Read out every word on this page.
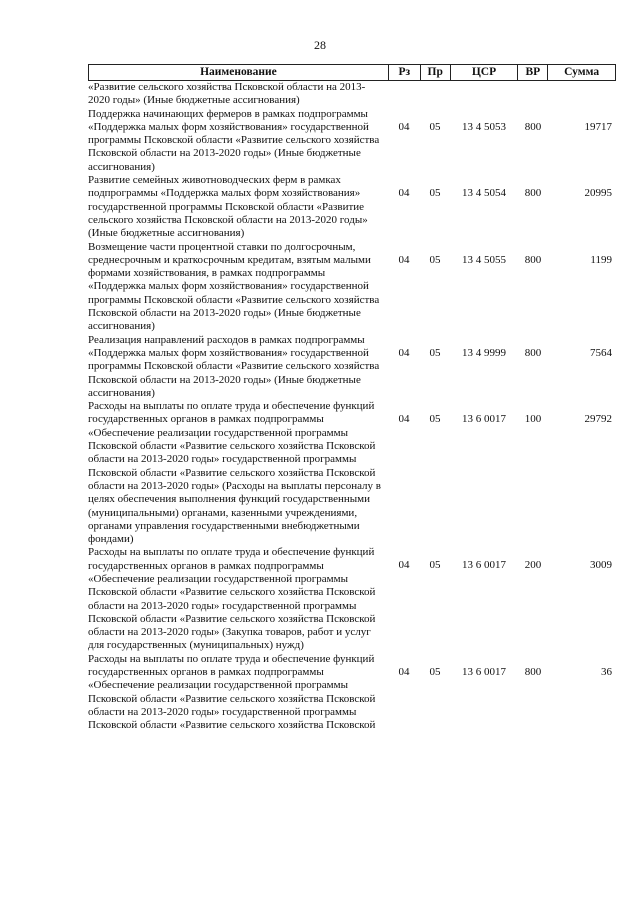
28
Наименование	Рз	Пр	ЦСР	ВР	Сумма
«Развитие сельского хозяйства Псковской области на 2013-2020 годы» (Иные бюджетные ассигнования)
Поддержка начинающих фермеров в рамках подпрограммы «Поддержка малых форм хозяйствования» государственной программы Псковской области «Развитие сельского хозяйства Псковской области на 2013-2020 годы» (Иные бюджетные ассигнования)
04	05	13 4 5053	800	19717
Развитие семейных животноводческих ферм в рамках подпрограммы «Поддержка малых форм хозяйствования» государственной программы Псковской области «Развитие сельского хозяйства Псковской области на 2013-2020 годы» (Иные бюджетные ассигнования)
04	05	13 4 5054	800	20995
Возмещение части процентной ставки по долгосрочным, среднесрочным и краткосрочным кредитам, взятым малыми формами хозяйствования, в рамках подпрограммы «Поддержка малых форм хозяйствования» государственной программы Псковской области «Развитие сельского хозяйства Псковской области на 2013-2020 годы» (Иные бюджетные ассигнования)
04	05	13 4 5055	800	1199
Реализация направлений расходов в рамках подпрограммы «Поддержка малых форм хозяйствования» государственной программы Псковской области «Развитие сельского хозяйства Псковской области на 2013-2020 годы» (Иные бюджетные ассигнования)
04	05	13 4 9999	800	7564
Расходы на выплаты по оплате труда и обеспечение функций государственных органов в рамках подпрограммы «Обеспечение реализации государственной программы Псковской области «Развитие сельского хозяйства Псковской области на 2013-2020 годы» государственной программы Псковской области «Развитие сельского хозяйства Псковской области на 2013-2020 годы» (Расходы на выплаты персоналу в целях обеспечения выполнения функций государственными (муниципальными) органами, казенными учреждениями, органами управления государственными внебюджетными фондами)
04	05	13 6 0017	100	29792
Расходы на выплаты по оплате труда и обеспечение функций государственных органов в рамках подпрограммы «Обеспечение реализации государственной программы Псковской области «Развитие сельского хозяйства Псковской области на 2013-2020 годы» государственной программы Псковской области «Развитие сельского хозяйства Псковской области на 2013-2020 годы» (Закупка товаров, работ и услуг для государственных (муниципальных) нужд)
04	05	13 6 0017	200	3009
Расходы на выплаты по оплате труда и обеспечение функций государственных органов в рамках подпрограммы «Обеспечение реализации государственной программы Псковской области «Развитие сельского хозяйства Псковской области на 2013-2020 годы» государственной программы Псковской области «Развитие сельского хозяйства Псковской
04	05	13 6 0017	800	36
